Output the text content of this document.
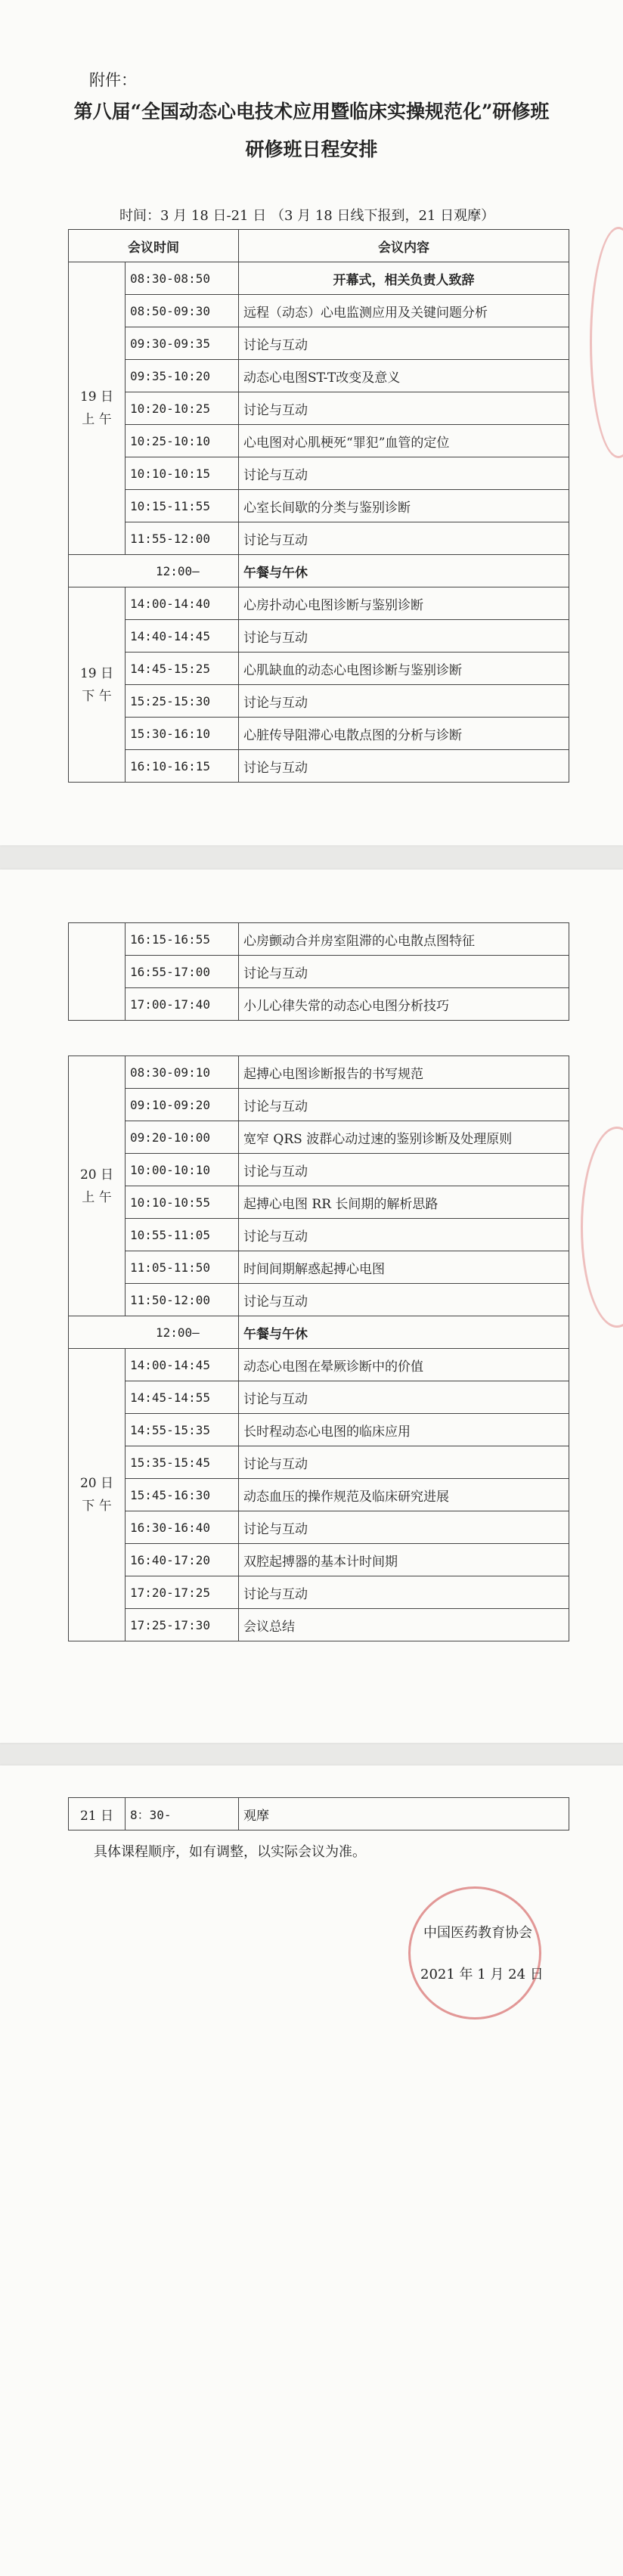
附件：
第八届“全国动态心电技术应用暨临床实操规范化”研修班
研修班日程安排
时间：3 月 18 日-21 日 （3 月 18 日线下报到，21 日观摩）
会议时间		会议内容
19 日
上 午	08:30-08:50	开幕式，相关负责人致辞
	08:50-09:30	远程（动态）心电监测应用及关键问题分析
	09:30-09:35	讨论与互动
	09:35-10:20	动态心电图ST-T改变及意义
	10:20-10:25	讨论与互动
	10:25-10:10	心电图对心肌梗死“罪犯”血管的定位
	10:10-10:15	讨论与互动
	10:15-11:55	心室长间歇的分类与鉴别诊断
	11:55-12:00	讨论与互动
12:00—		午餐与午休
19 日
下 午	14:00-14:40	心房扑动心电图诊断与鉴别诊断
	14:40-14:45	讨论与互动
	14:45-15:25	心肌缺血的动态心电图诊断与鉴别诊断
	15:25-15:30	讨论与互动
	15:30-16:10	心脏传导阻滞心电散点图的分析与诊断
	16:10-16:15	讨论与互动
	16:15-16:55	心房颤动合并房室阻滞的心电散点图特征
	16:55-17:00	讨论与互动
	17:00-17:40	小儿心律失常的动态心电图分析技巧
20 日
上 午	08:30-09:10	起搏心电图诊断报告的书写规范
	09:10-09:20	讨论与互动
	09:20-10:00	宽窄 QRS 波群心动过速的鉴别诊断及处理原则
	10:00-10:10	讨论与互动
	10:10-10:55	起搏心电图 RR 长间期的解析思路
	10:55-11:05	讨论与互动
	11:05-11:50	时间间期解惑起搏心电图
	11:50-12:00	讨论与互动
12:00—		午餐与午休
20 日
下 午	14:00-14:45	动态心电图在晕厥诊断中的价值
	14:45-14:55	讨论与互动
	14:55-15:35	长时程动态心电图的临床应用
	15:35-15:45	讨论与互动
	15:45-16:30	动态血压的操作规范及临床研究进展
	16:30-16:40	讨论与互动
	16:40-17:20	双腔起搏器的基本计时间期
	17:20-17:25	讨论与互动
	17:25-17:30	会议总结
21 日	8：30-	观摩
具体课程顺序，如有调整，以实际会议为准。
中国医药教育协会
2021 年 1 月 24 日
